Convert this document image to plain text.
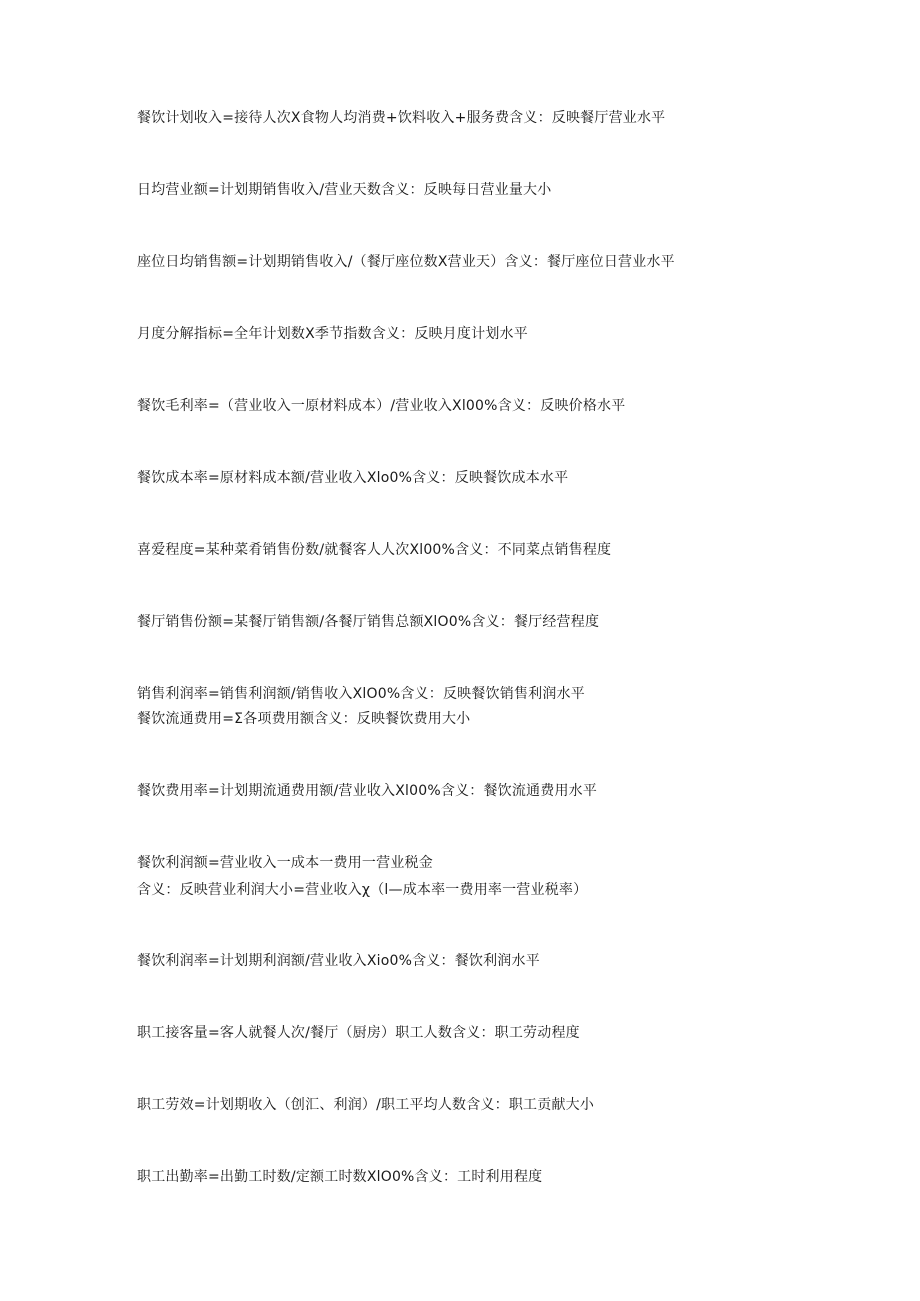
餐饮计划收入=接待人次X食物人均消费+饮料收入+服务费含义：反映餐厅营业水平
日均营业额=计划期销售收入/营业天数含义：反映每日营业量大小
座位日均销售额=计划期销售收入/（餐厅座位数X营业天）含义：餐厅座位日营业水平
月度分解指标=全年计划数X季节指数含义：反映月度计划水平
餐饮毛利率=（营业收入一原材料成本）/营业收入Xl00%含义：反映价格水平
餐饮成本率=原材料成本额/营业收入Xlo0%含义：反映餐饮成本水平
喜爱程度=某种菜肴销售份数/就餐客人人次Xl00%含义：不同菜点销售程度
餐厅销售份额=某餐厅销售额/各餐厅销售总额XlO0%含义：餐厅经营程度
销售利润率=销售利润额/销售收入XlO0%含义：反映餐饮销售利润水平
餐饮流通费用=Σ各项费用额含义：反映餐饮费用大小
餐饮费用率=计划期流通费用额/营业收入Xl00%含义：餐饮流通费用水平
餐饮利润额=营业收入一成本一费用一营业税金
含义：反映营业利润大小=营业收入χ（l—成本率一费用率一营业税率）
餐饮利润率=计划期利润额/营业收入Xio0%含义：餐饮利润水平
职工接客量=客人就餐人次/餐厅（厨房）职工人数含义：职工劳动程度
职工劳效=计划期收入（创汇、利润）/职工平均人数含义：职工贡献大小
职工出勤率=出勤工时数/定额工时数XlO0%含义：工时利用程度
